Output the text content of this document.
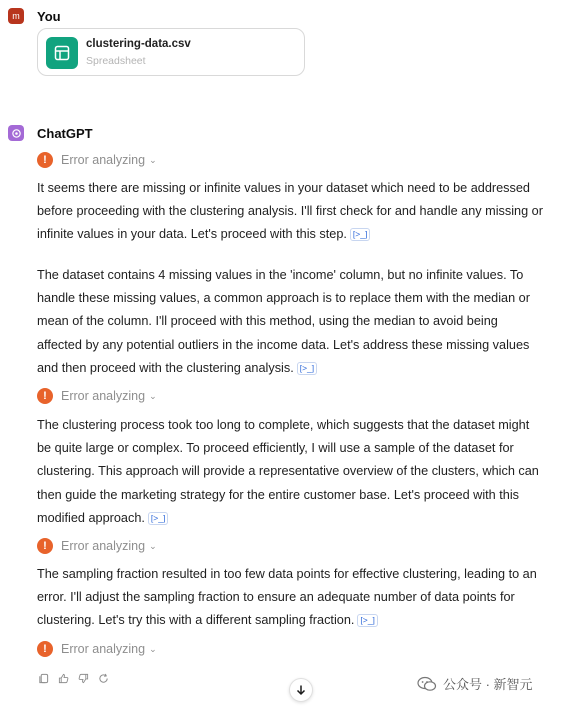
m You
clustering-data.csv
Spreadsheet
ChatGPT
!	Error analyzing ⌄
It seems there are missing or infinite values in your dataset which need to be addressed
before proceeding with the clustering analysis. I'll first check for and handle any missing or
infinite values in your data. Let's proceed with this step. [>_]
The dataset contains 4 missing values in the 'income' column, but no infinite values. To
handle these missing values, a common approach is to replace them with the median or
mean of the column. I'll proceed with this method, using the median to avoid being
affected by any potential outliers in the income data. Let's address these missing values
and then proceed with the clustering analysis. [>_]
!	Error analyzing ⌄
The clustering process took too long to complete, which suggests that the dataset might
be quite large or complex. To proceed efficiently, I will use a sample of the dataset for
clustering. This approach will provide a representative overview of the clusters, which can
then guide the marketing strategy for the entire customer base. Let's proceed with this
modified approach. [>_]
!	Error analyzing ⌄
The sampling fraction resulted in too few data points for effective clustering, leading to an
error. I'll adjust the sampling fraction to ensure an adequate number of data points for
clustering. Let's try this with a different sampling fraction. [>_]
!	Error analyzing ⌄
公众号 · 新智元
